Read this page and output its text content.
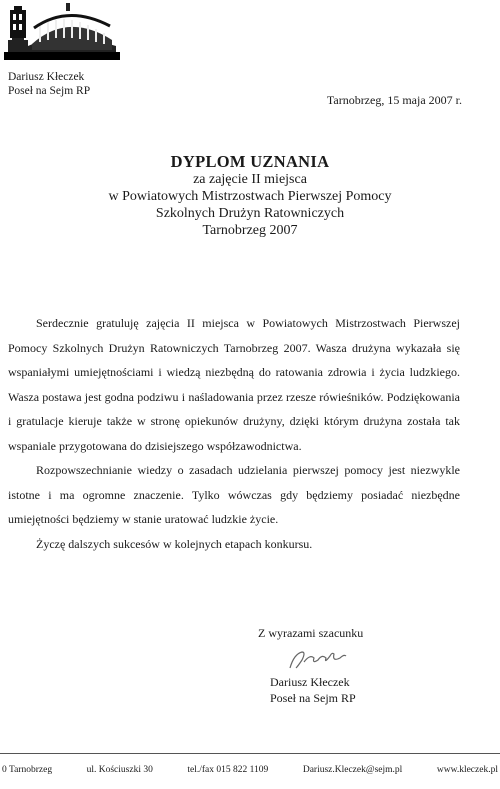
Dariusz Kłeczek
Poseł na Sejm RP
Tarnobrzeg, 15 maja 2007 r.
DYPLOM UZNANIA
za zajęcie II miejsca
w Powiatowych Mistrzostwach Pierwszej Pomocy
Szkolnych Drużyn Ratowniczych
Tarnobrzeg 2007

Serdecznie gratuluję zajęcia II miejsca w Powiatowych Mistrzostwach Pierwszej Pomocy Szkolnych Drużyn Ratowniczych Tarnobrzeg 2007. Wasza drużyna wykazała się wspaniałymi umiejętnościami i wiedzą niezbędną do ratowania zdrowia i życia ludzkiego. Wasza postawa jest godna podziwu i naśladowania przez rzesze rówieśników. Podziękowania i gratulacje kieruje także w stronę opiekunów drużyny, dzięki którym drużyna została tak wspaniale przygotowana do dzisiejszego współzawodnictwa.

Rozpowszechnianie wiedzy o zasadach udzielania pierwszej pomocy jest niezwykle istotne i ma ogromne znaczenie. Tylko wówczas gdy będziemy posiadać niezbędne umiejętności będziemy w stanie uratować ludzkie życie.

Życzę dalszych sukcesów w kolejnych etapach konkursu.

Z wyrazami szacunku
Dariusz Kłeczek
Poseł na Sejm RP
0 Tarnobrzeg	ul. Kościuszki 30	tel./fax 015 822 1109	Dariusz.Kleczek@sejm.pl	www.kleczek.pl
